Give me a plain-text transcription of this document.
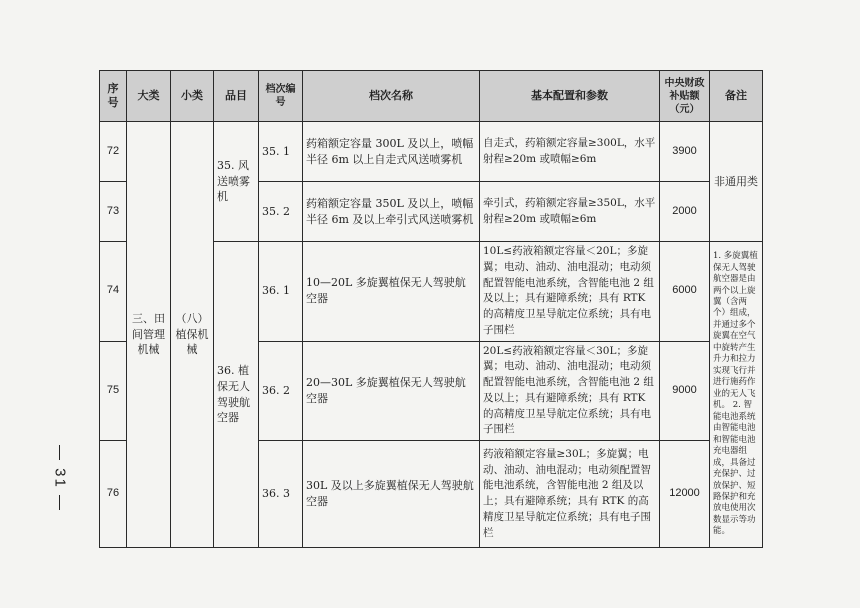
— 31 —
序号	大类	小类	品目	档次编号	档次名称	基本配置和参数	中央财政补贴额（元）	备注
72	三、田间管理机械	（八）植保机械	35. 风送喷雾机	35. 1	药箱额定容量 300L 及以上，喷幅半径 6m 以上自走式风送喷雾机	自走式，药箱额定容量≥300L，水平射程≥20m 或喷幅≥6m	3900	非通用类
73				35. 2	药箱额定容量 350L 及以上，喷幅半径 6m 及以上牵引式风送喷雾机	牵引式，药箱额定容量≥350L，水平射程≥20m 或喷幅≥6m	2000	
74			36. 植保无人驾驶航空器	36. 1	10—20L 多旋翼植保无人驾驶航空器	10L≤药液箱额定容量＜20L；多旋翼；电动、油动、油电混动；电动须配置智能电池系统，含智能电池 2 组及以上；具有避障系统；具有 RTK 的高精度卫星导航定位系统；具有电子围栏	6000	1. 多旋翼植保无人驾驶航空器是由两个以上旋翼（含两个）组成，并通过多个旋翼在空气中旋转产生升力和拉力实现飞行并进行施药作业的无人飞机。 2. 智能电池系统由智能电池和智能电池充电器组成，具备过充保护、过放保护、短路保护和充放电使用次数显示等功能。
75				36. 2	20—30L 多旋翼植保无人驾驶航空器	20L≤药液箱额定容量＜30L；多旋翼；电动、油动、油电混动；电动须配置智能电池系统，含智能电池 2 组及以上；具有避障系统；具有 RTK 的高精度卫星导航定位系统；具有电子围栏	9000	
76				36. 3	30L 及以上多旋翼植保无人驾驶航空器	药液箱额定容量≥30L；多旋翼；电动、油动、油电混动；电动须配置智能电池系统，含智能电池 2 组及以上；具有避障系统；具有 RTK 的高精度卫星导航定位系统；具有电子围栏	12000	
